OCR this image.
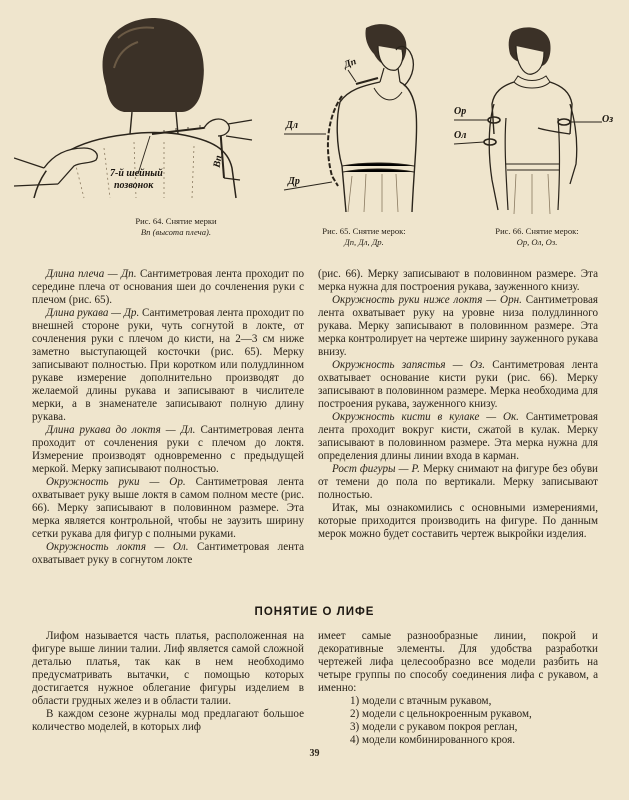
7-й шейный
позвонок
Вп
Рис. 64. Снятие мерки
Вп (высота плеча).
Дп
Дл
Др
Рис. 65. Снятие мерок:
Дп, Дл, Др.
Ор
Ол
Оз
Рис. 66. Снятие мерок:
Ор, Ол, Оз.

Длина плеча — Дп. Сантиметровая лента проходит по середине плеча от основания шеи до сочленения руки с плечом (рис. 65).

Длина рукава — Др. Сантиметровая лента проходит по внешней стороне руки, чуть согнутой в локте, от сочленения руки с плечом до кисти, на 2—3 см ниже заметно выступающей косточки (рис. 65). Мерку записывают полностью. При коротком или полудлинном рукаве измерение дополнительно производят до желаемой длины рукава и записывают в числителе мерки, а в знаменателе записывают полную длину рукава.

Длина рукава до локтя — Дл. Сантиметровая лента проходит от сочленения руки с плечом до локтя. Измерение производят одновременно с предыдущей меркой. Мерку записывают полностью.

Окружность руки — Ор. Сантиметровая лента охватывает руку выше локтя в самом полном месте (рис. 66). Мерку записывают в половинном размере. Эта мерка является контрольной, чтобы не заузить ширину сетки рукава для фигур с полными руками.

Окружность локтя — Ол. Сантиметровая лента охватывает руку в согнутом локте

(рис. 66). Мерку записывают в половинном размере. Эта мерка нужна для построения рукава, зауженного книзу.

Окружность руки ниже локтя — Орн. Сантиметровая лента охватывает руку на уровне низа полудлинного рукава. Мерку записывают в половинном размере. Эта мерка контролирует на чертеже ширину зауженного рукава внизу.

Окружность запястья — Оз. Сантиметровая лента охватывает основание кисти руки (рис. 66). Мерку записывают в половинном размере. Мерка необходима для построения рукава, зауженного книзу.

Окружность кисти в кулаке — Ок. Сантиметровая лента проходит вокруг кисти, сжатой в кулак. Мерку записывают в половинном размере. Эта мерка нужна для определения длины линии входа в карман.

Рост фигуры — Р. Мерку снимают на фигуре без обуви от темени до пола по вертикали. Мерку записывают полностью.

Итак, мы ознакомились с основными измерениями, которые приходится производить на фигуре. По данным мерок можно будет составить чертеж выкройки изделия.

ПОНЯТИЕ О ЛИФЕ

Лифом называется часть платья, расположенная на фигуре выше линии талии. Лиф является самой сложной деталью платья, так как в нем необходимо предусматривать вытачки, с помощью которых достигается нужное облегание фигуры изделием в области грудных желез и в области талии.

В каждом сезоне журналы мод предлагают большое количество моделей, в которых лиф

имеет самые разнообразные линии, покрой и декоративные элементы. Для удобства разработки чертежей лифа целесообразно все модели разбить на четыре группы по способу соединения лифа с рукавом, а именно:

1) модели с втачным рукавом,
2) модели с цельнокроенным рукавом,
3) модели с рукавом покроя реглан,
4) модели комбинированного кроя.
39
